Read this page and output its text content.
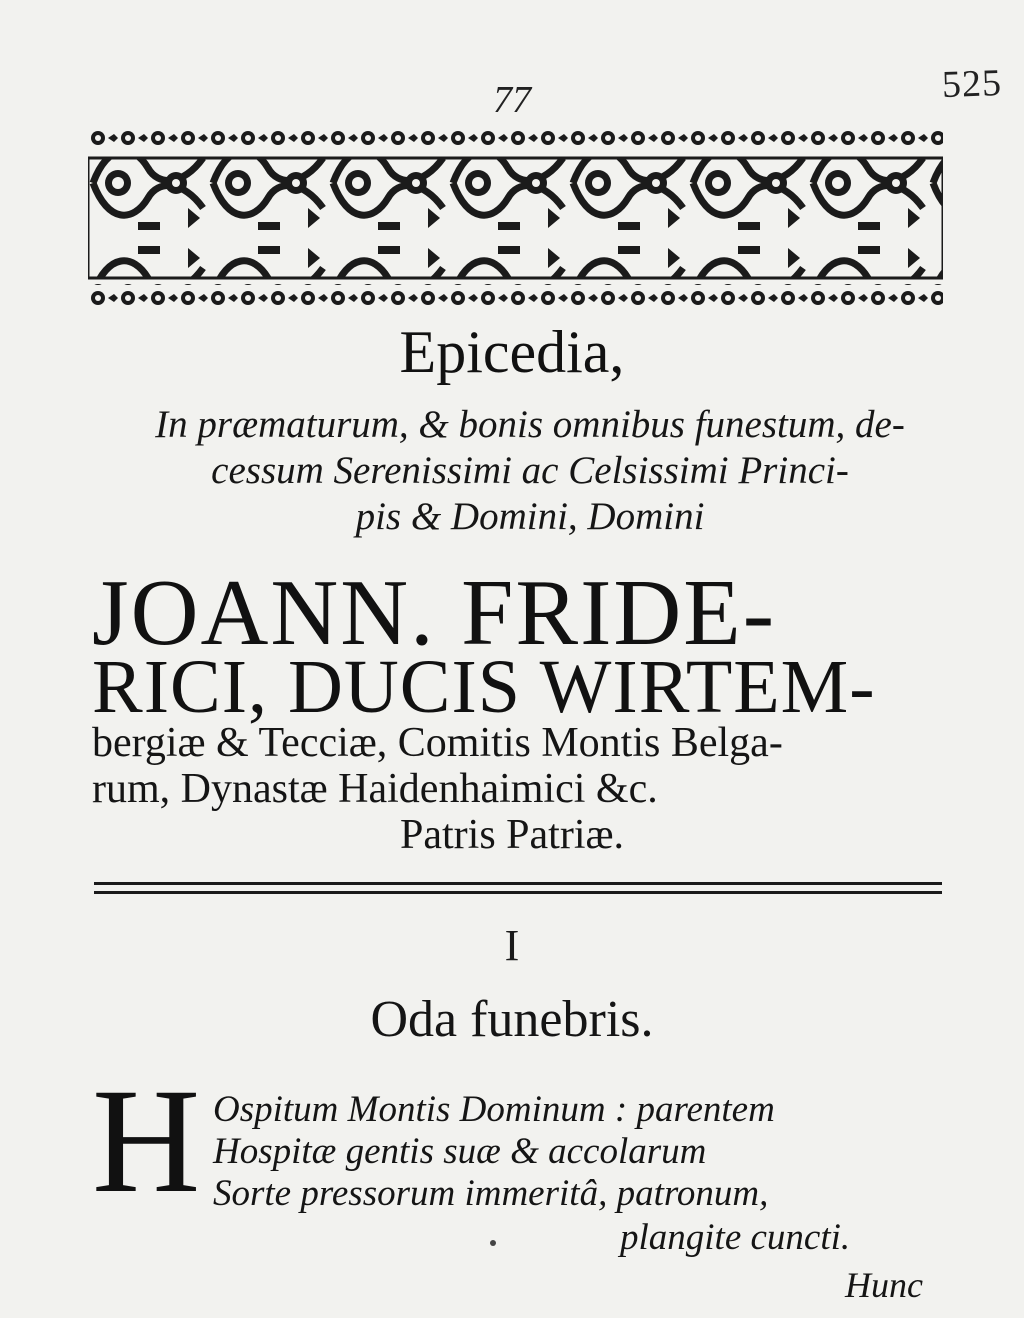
525
77
Epicedia,
In præmaturum, & bonis omnibus funestum, de-
cessum Serenissimi ac Celsissimi Princi-
pis & Domini, Domini
JOANN. FRIDE-
RICI, DUCIS WIRTEM-
bergiæ & Tecciæ, Comitis Montis Belga-
rum, Dynastæ Haidenhaimici &c.
Patris Patriæ.
I
Oda funebris.
H Ospitum Montis Dominum : parentem
Hospitæ gentis suæ & accolarum
Sorte pressorum immeritâ, patronum,
plangite cuncti.
Hunc
